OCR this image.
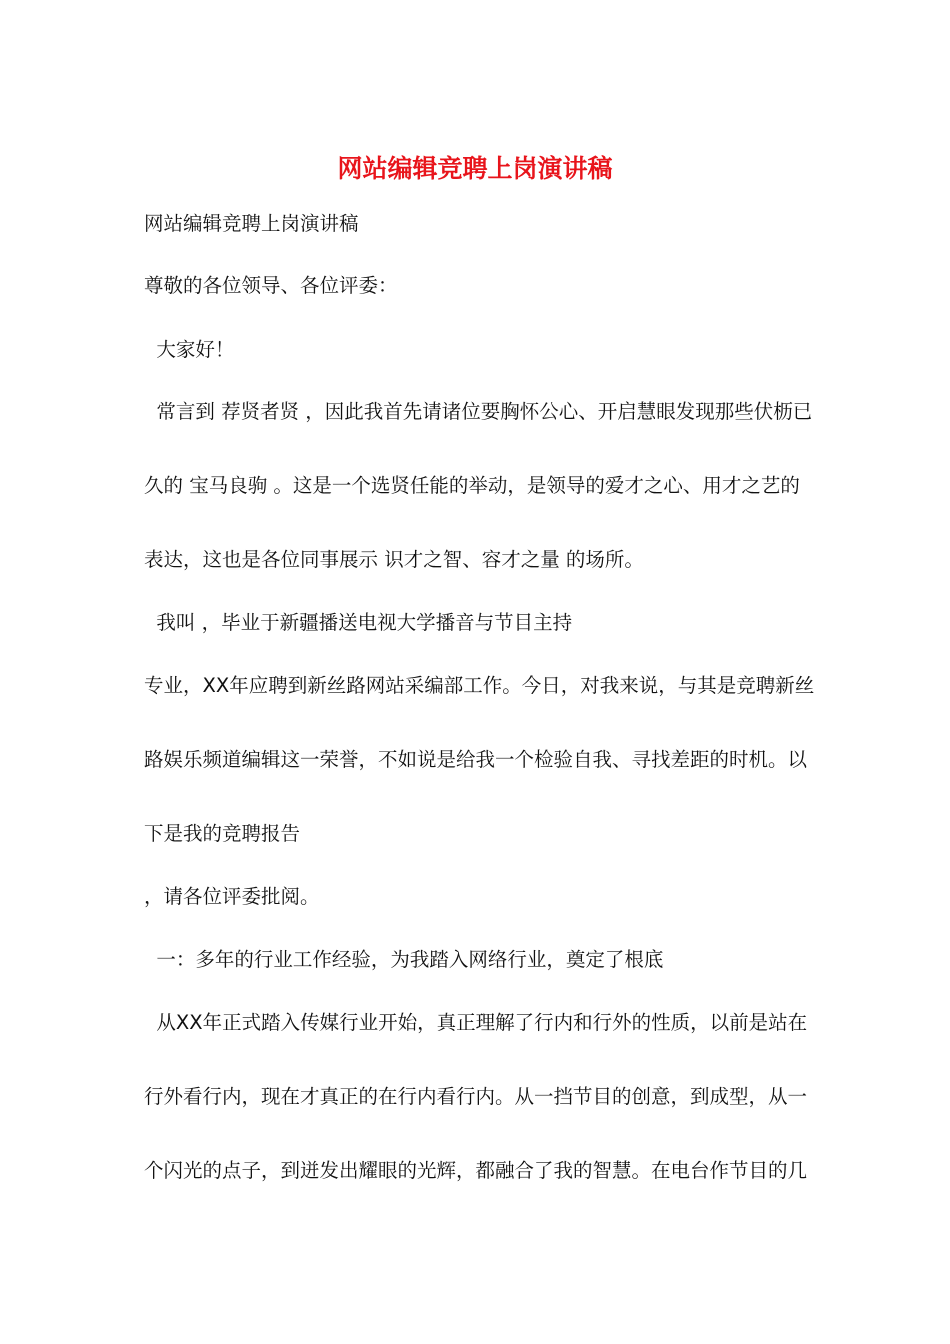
网站编辑竞聘上岗演讲稿
网站编辑竞聘上岗演讲稿
尊敬的各位领导、各位评委：
大家好！
常言到 荐贤者贤 ，因此我首先请诸位要胸怀公心、开启慧眼发现那些伏枥已
久的 宝马良驹 。这是一个选贤任能的举动，是领导的爱才之心、用才之艺的
表达，这也是各位同事展示 识才之智、容才之量 的场所。
我叫 ，毕业于新疆播送电视大学播音与节目主持
专业，XX年应聘到新丝路网站采编部工作。今日，对我来说，与其是竞聘新丝
路娱乐频道编辑这一荣誉，不如说是给我一个检验自我、寻找差距的时机。以
下是我的竞聘报告
，请各位评委批阅。
一：多年的行业工作经验，为我踏入网络行业，奠定了根底
从XX年正式踏入传媒行业开始，真正理解了行内和行外的性质，以前是站在
行外看行内，现在才真正的在行内看行内。从一挡节目的创意，到成型，从一
个闪光的点子，到迸发出耀眼的光辉，都融合了我的智慧。在电台作节目的几
